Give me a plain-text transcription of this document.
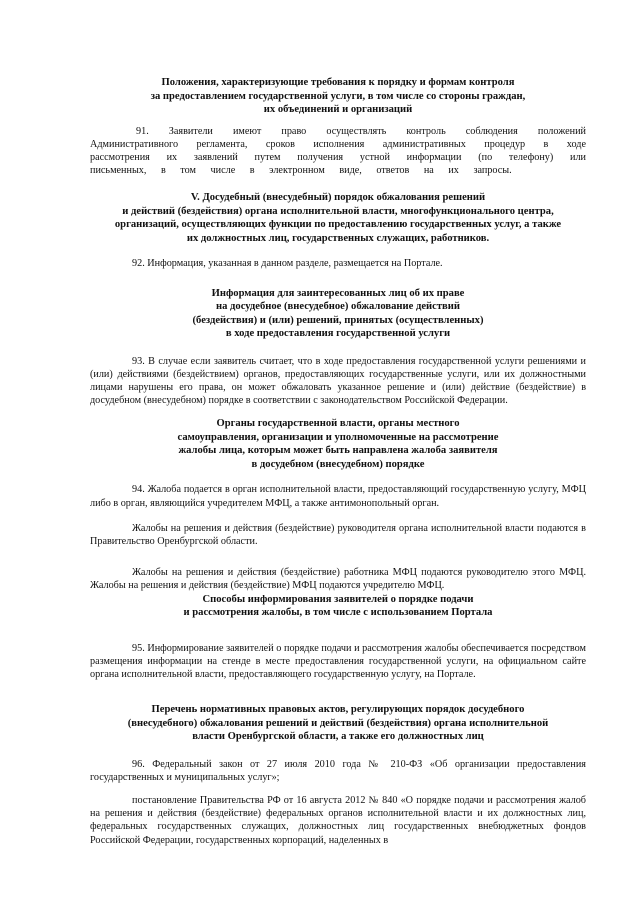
Положения, характеризующие требования к порядку и формам контроля

за предоставлением государственной услуги, в том числе со стороны граждан,

их объединений и организаций

91. Заявители имеют право осуществлять контроль соблюдения положений Административного регламента, сроков исполнения административных процедур в ходе рассмотрения их заявлений путем получения устной информации (по телефону) или письменных, в том числе в электронном виде, ответов на их запросы.

V. Досудебный (внесудебный) порядок обжалования решений

и действий (бездействия) органа исполнительной власти, многофункционального центра,

организаций, осуществляющих функции по предоставлению государственных услуг, а также

их должностных лиц, государственных служащих, работников.

92. Информация, указанная в данном разделе, размещается на Портале.

Информация для заинтересованных лиц об их праве

на досудебное (внесудебное) обжалование действий

(бездействия) и (или) решений, принятых (осуществленных)

в ходе предоставления государственной услуги

93. В случае если заявитель считает, что в ходе предоставления государственной услуги решениями и (или) действиями (бездействием) органов, предоставляющих государственные услуги, или их должностными лицами нарушены его права, он может обжаловать указанное решение и (или) действие (бездействие) в досудебном (внесудебном) порядке в соответствии с законодательством Российской Федерации.

Органы государственной власти, органы местного

самоуправления, организации и уполномоченные на рассмотрение

жалобы лица, которым может быть направлена жалоба заявителя

в досудебном (внесудебном) порядке

94. Жалоба подается в орган исполнительной власти, предоставляющий государственную услугу, МФЦ либо в орган, являющийся учредителем МФЦ, а также антимонопольный орган.

Жалобы на решения и действия (бездействие) руководителя органа исполнительной власти подаются в Правительство Оренбургской области.

Жалобы на решения и действия (бездействие) работника МФЦ подаются руководителю этого МФЦ. Жалобы на решения и действия (бездействие) МФЦ подаются учредителю МФЦ.

Способы информирования заявителей о порядке подачи

и рассмотрения жалобы, в том числе с использованием Портала

95. Информирование заявителей о порядке подачи и рассмотрения жалобы обеспечивается посредством размещения информации на стенде в месте предоставления государственной услуги, на официальном сайте органа исполнительной власти, предоставляющего государственную услугу, на Портале.

Перечень нормативных правовых актов, регулирующих порядок досудебного

(внесудебного) обжалования решений и действий (бездействия) органа исполнительной

власти Оренбургской области, а также его должностных лиц

96. Федеральный закон от 27 июля 2010 года № 210-ФЗ «Об организации предоставления государственных и муниципальных услуг»;

постановление Правительства РФ от 16 августа 2012 № 840 «О порядке подачи и рассмотрения жалоб на решения и действия (бездействие) федеральных органов исполнительной власти и их должностных лиц, федеральных государственных служащих, должностных лиц государственных внебюджетных фондов Российской Федерации, государственных корпораций, наделенных в
